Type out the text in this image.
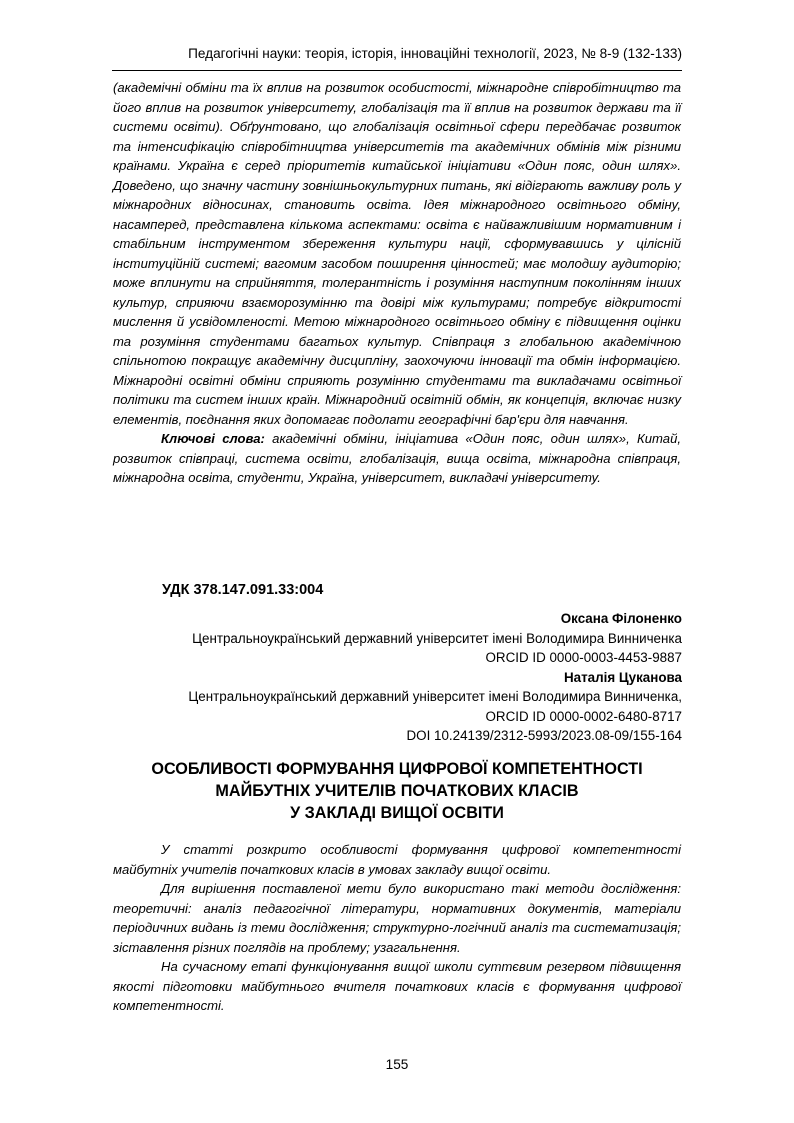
Педагогічні науки: теорія, історія, інноваційні технології, 2023, № 8-9 (132-133)

(академічні обміни та їх вплив на розвиток особистості, міжнародне співробітництво та його вплив на розвиток університету, глобалізація та її вплив на розвиток держави та її системи освіти). Обґрунтовано, що глобалізація освітньої сфери передбачає розвиток та інтенсифікацію співробітництва університетів та академічних обмінів між різними країнами. Україна є серед пріоритетів китайської ініціативи «Один пояс, один шлях». Доведено, що значну частину зовнішньокультурних питань, які відіграють важливу роль у міжнародних відносинах, становить освіта. Ідея міжнародного освітнього обміну, насамперед, представлена кількома аспектами: освіта є найважливішим нормативним і стабільним інструментом збереження культури нації, сформувавшись у цілісній інституційній системі; вагомим засобом поширення цінностей; має молодшу аудиторію; може вплинути на сприйняття, толерантність і розуміння наступним поколінням інших культур, сприяючи взаєморозумінню та довірі між культурами; потребує відкритості мислення й усвідомленості. Метою міжнародного освітнього обміну є підвищення оцінки та розуміння студентами багатьох культур. Співпраця з глобальною академічною спільнотою покращує академічну дисципліну, заохочуючи інновації та обмін інформацією. Міжнародні освітні обміни сприяють розумінню студентами та викладачами освітньої політики та систем інших країн. Міжнародний освітній обмін, як концепція, включає низку елементів, поєднання яких допомагає подолати географічні бар'єри для навчання.

Ключові слова: академічні обміни, ініціатива «Один пояс, один шлях», Китай, розвиток співпраці, система освіти, глобалізація, вища освіта, міжнародна співпраця, міжнародна освіта, студенти, Україна, університет, викладачі університету.

УДК 378.147.091.33:004
Оксана Філоненко
Центральноукраїнський державний університет імені Володимира Винниченка
ORCID ID 0000-0003-4453-9887
Наталія Цуканова
Центральноукраїнський державний університет імені Володимира Винниченка,
ORCID ID 0000-0002-6480-8717
DOI 10.24139/2312-5993/2023.08-09/155-164
ОСОБЛИВОСТІ ФОРМУВАННЯ ЦИФРОВОЇ КОМПЕТЕНТНОСТІ
МАЙБУТНІХ УЧИТЕЛІВ ПОЧАТКОВИХ КЛАСІВ
У ЗАКЛАДІ ВИЩОЇ ОСВІТИ

У статті розкрито особливості формування цифрової компетентності майбутніх учителів початкових класів в умовах закладу вищої освіти.

Для вирішення поставленої мети було використано такі методи дослідження: теоретичні: аналіз педагогічної літератури, нормативних документів, матеріали періодичних видань із теми дослідження; структурно-логічний аналіз та систематизація; зіставлення різних поглядів на проблему; узагальнення.

На сучасному етапі функціонування вищої школи суттєвим резервом підвищення якості підготовки майбутнього вчителя початкових класів є формування цифрової компетентності.

155
